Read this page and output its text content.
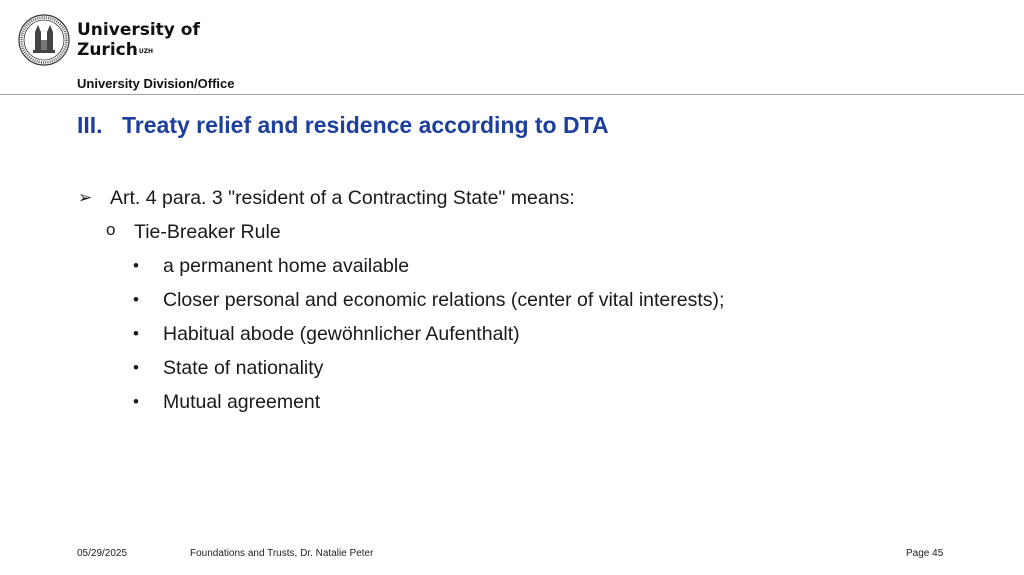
University of
Zurich$^{UZH}$
University Division/Office
III. Treaty relief and residence according to DTA
➢ Art. 4 para. 3 "resident of a Contracting State" means:
o Tie-Breaker Rule
• a permanent home available
• Closer personal and economic relations (center of vital interests);
• Habitual abode (gewöhnlicher Aufenthalt)
• State of nationality
• Mutual agreement
05/29/2025	Foundations and Trusts, Dr. Natalie Peter	Page 45
